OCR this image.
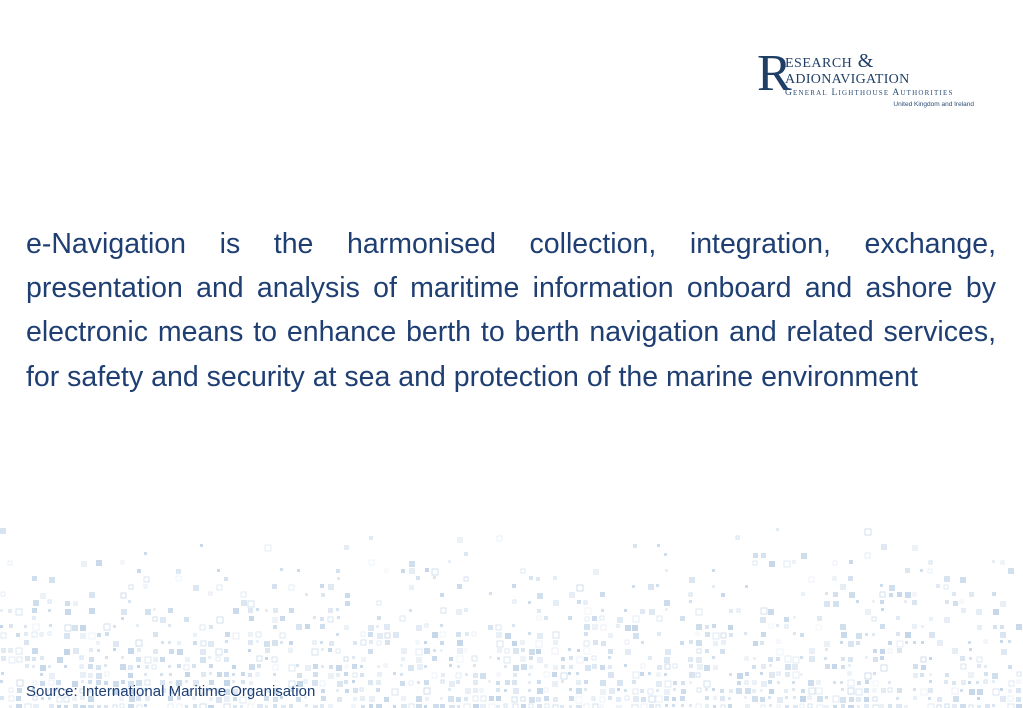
R
esearch &
adionavigation
General Lighthouse Authorities
United Kingdom and Ireland

e-Navigation is the harmonised collection, integration, exchange, presentation and analysis of maritime information onboard and ashore by electronic means to enhance berth to berth navigation and related services, for safety and security at sea and protection of the marine environment

Source: International Maritime Organisation
